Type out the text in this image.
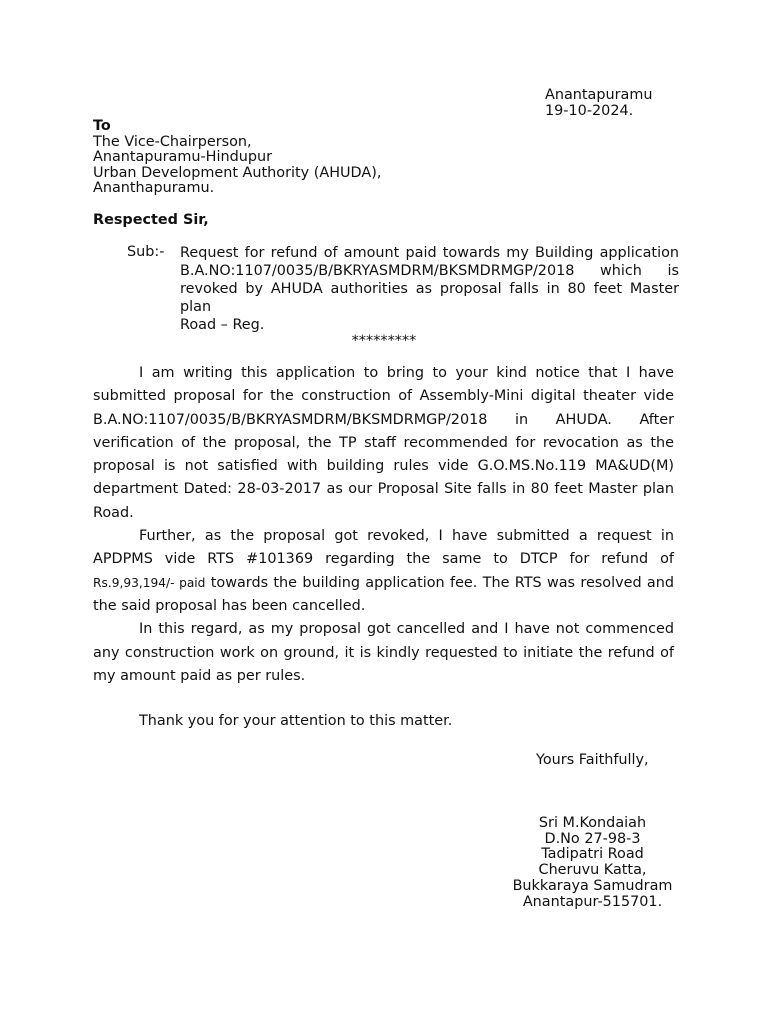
Anantapuramu
19-10-2024.
To
The Vice-Chairperson,
Anantapuramu-Hindupur
Urban Development Authority (AHUDA),
Ananthapuramu.
Respected Sir,
Sub:- Request for refund of amount paid towards my Building application
B.A.NO:1107/0035/B/BKRYASMDRM/BKSMDRMGP/2018 which is
revoked by AHUDA authorities as proposal falls in 80 feet Master plan
Road – Reg.
*********

I am writing this application to bring to your kind notice that I have submitted proposal for the construction of Assembly-Mini digital theater vide B.A.NO:1107/0035/B/BKRYASMDRM/BKSMDRMGP/2018 in AHUDA. After verification of the proposal, the TP staff recommended for revocation as the proposal is not satisfied with building rules vide G.O.MS.No.119 MA&UD(M) department Dated: 28-03-2017 as our Proposal Site falls in 80 feet Master plan Road.

Further, as the proposal got revoked, I have submitted a request in APDPMS vide RTS #101369 regarding the same to DTCP for refund of Rs.9,93,194/- paid towards the building application fee. The RTS was resolved and the said proposal has been cancelled.

In this regard, as my proposal got cancelled and I have not commenced any construction work on ground, it is kindly requested to initiate the refund of my amount paid as per rules.

Thank you for your attention to this matter.
Yours Faithfully,
Sri M.Kondaiah
D.No 27-98-3
Tadipatri Road
Cheruvu Katta,
Bukkaraya Samudram
Anantapur-515701.
